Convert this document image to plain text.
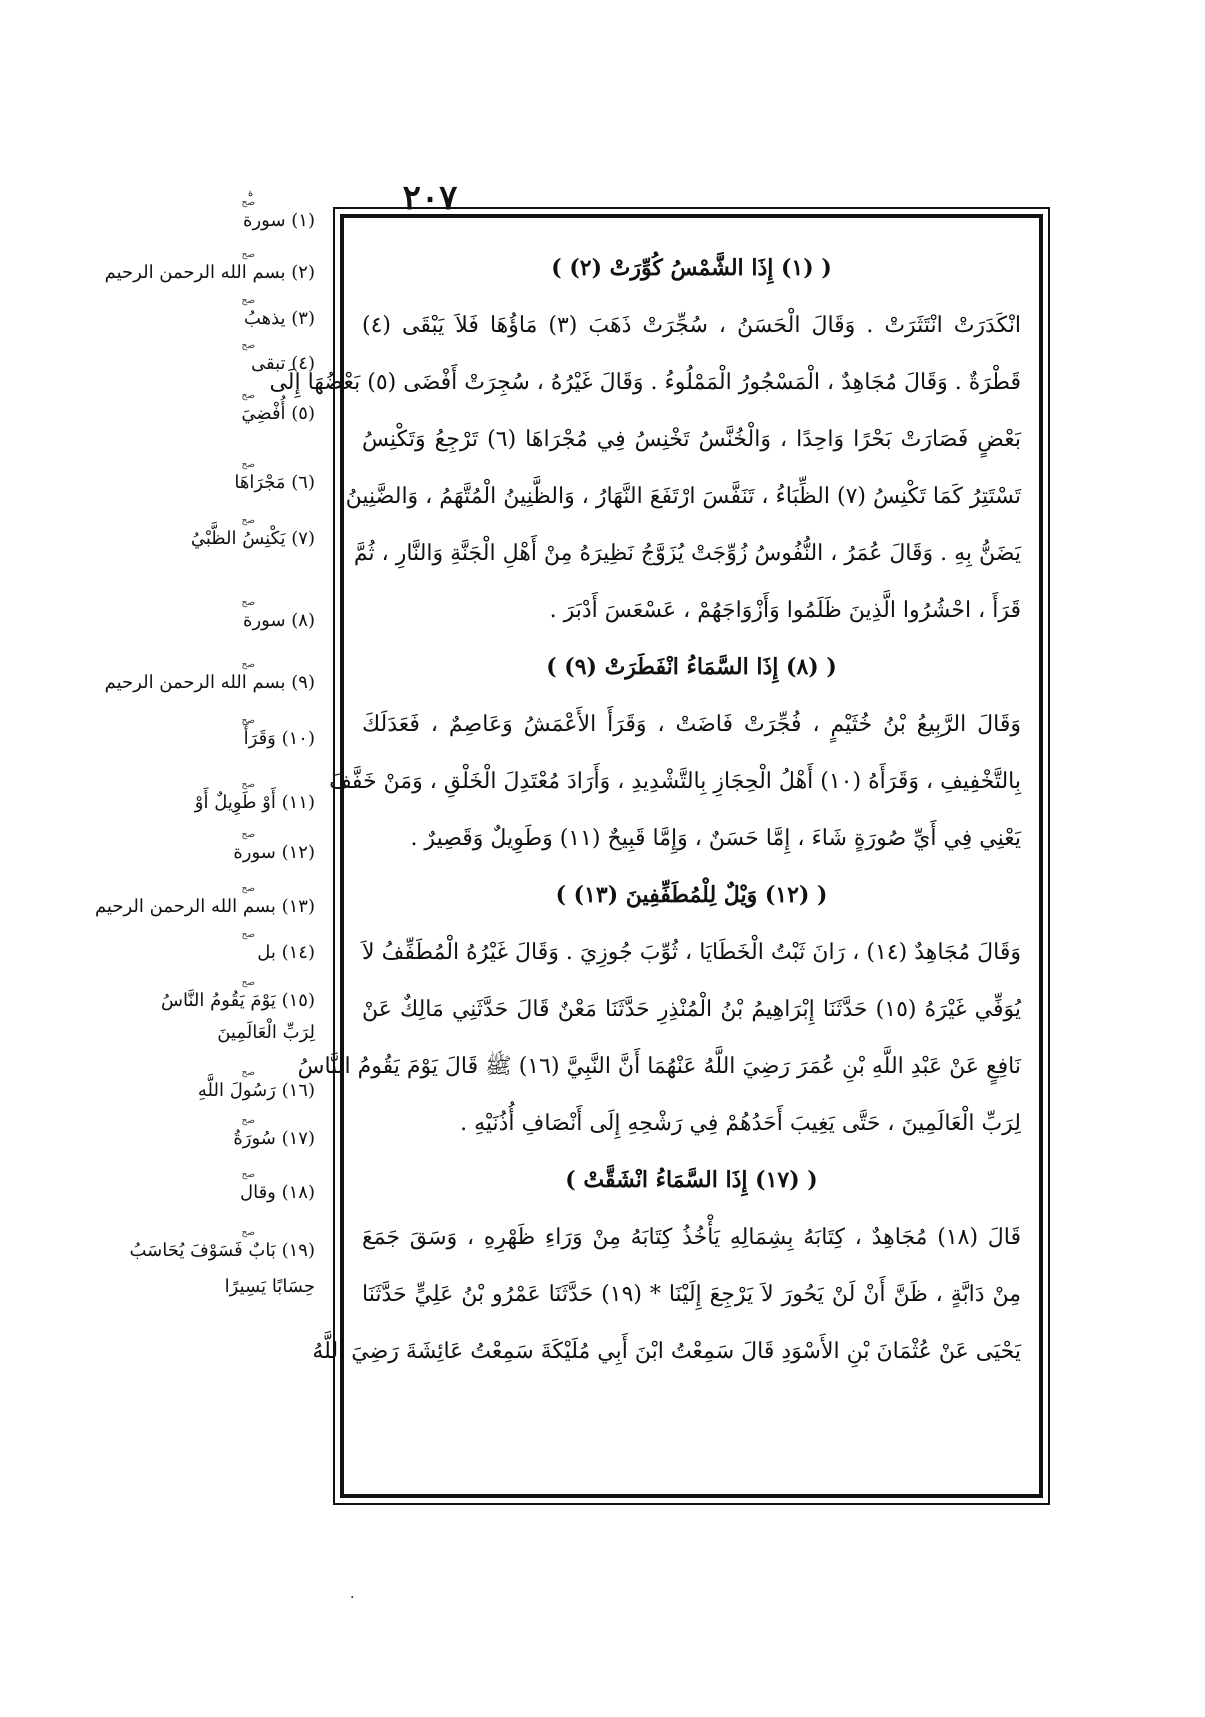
٢٠٧
ة
صح
(١) سورة
صح
(٢) بسم الله الرحمن الرحيم
صح
(٣) يذهبُ
صح
(٤) تبقى
صح
(٥) أُفْضِيَ
صح
(٦) مَجْرَاهَا
صح
(٧) يَكْنِسُ الظَّبْيُ
صح
(٨) سورة
صح
(٩) بسم الله الرحمن الرحيم
صح
(١٠) وَقَرَأَ
صح
(١١) أَوْ طَوِيلٌ أَوْ
صح
(١٢) سورة
صح
(١٣) بسم الله الرحمن الرحيم
صح
(١٤) بل
صح
(١٥) يَوْمَ يَقُومُ النَّاسُ
لِرَبِّ الْعَالَمِينَ
صح
(١٦) رَسُولَ اللَّهِ
صح
(١٧) سُورَةُ
صح
(١٨) وقال
صح
(١٩) بَابٌ فَسَوْفَ يُحَاسَبُ
حِسَابًا يَسِيرًا
( (١) إِذَا الشَّمْسُ كُوِّرَتْ (٢) )
انْكَدَرَتْ انْتَثَرَتْ . وَقَالَ الْحَسَنُ ، سُجِّرَتْ ذَهَبَ (٣) مَاؤُهَا فَلاَ يَبْقَى (٤)
قَطْرَةٌ . وَقَالَ مُجَاهِدٌ ، الْمَسْجُورُ الْمَمْلُوءُ . وَقَالَ غَيْرُهُ ، سُجِرَتْ أَفْضَى (٥) بَعْضُهَا إِلَى
بَعْضٍ فَصَارَتْ بَحْرًا وَاحِدًا ، وَالْخُنَّسُ تَخْنِسُ فِي مُجْرَاهَا (٦) تَرْجِعُ وَتَكْنِسُ
تَسْتَتِرُ كَمَا تَكْنِسُ (٧) الظِّبَاءُ ، تَنَفَّسَ ارْتَفَعَ النَّهَارُ ، وَالظَّنِينُ الْمُتَّهَمُ ، وَالضَّنِينُ
يَضَنُّ بِهِ . وَقَالَ عُمَرُ ، النُّفُوسُ زُوِّجَتْ يُزَوَّجُ نَظِيرَهُ مِنْ أَهْلِ الْجَنَّةِ وَالنَّارِ ، ثُمَّ
قَرَأَ ، احْشُرُوا الَّذِينَ ظَلَمُوا وَأَزْوَاجَهُمْ ، عَسْعَسَ أَدْبَرَ .
( (٨) إِذَا السَّمَاءُ انْفَطَرَتْ (٩) )
وَقَالَ الرَّبِيعُ بْنُ خُثَيْمٍ ، فُجِّرَتْ فَاضَتْ ، وَقَرَأَ الأَعْمَشُ وَعَاصِمٌ ، فَعَدَلَكَ
بِالتَّخْفِيفِ ، وَقَرَأَهُ (١٠) أَهْلُ الْحِجَازِ بِالتَّشْدِيدِ ، وَأَرَادَ مُعْتَدِلَ الْخَلْقِ ، وَمَنْ خَفَّفَ
يَعْنِي فِي أَيِّ صُورَةٍ شَاءَ ، إِمَّا حَسَنٌ ، وَإِمَّا قَبِيحٌ (١١) وَطَوِيلٌ وَقَصِيرٌ .
( (١٢) وَيْلٌ لِلْمُطَفِّفِينَ (١٣) )
وَقَالَ مُجَاهِدٌ (١٤) ، رَانَ ثَبْتُ الْخَطَايَا ، ثُوِّبَ جُوزِيَ . وَقَالَ غَيْرُهُ الْمُطَفِّفُ لاَ
يُوَفِّي غَيْرَهُ (١٥) حَدَّثَنَا إِبْرَاهِيمُ بْنُ الْمُنْذِرِ حَدَّثَنَا مَعْنٌ قَالَ حَدَّثَنِي مَالِكٌ عَنْ
نَافِعٍ عَنْ عَبْدِ اللَّهِ بْنِ عُمَرَ رَضِيَ اللَّهُ عَنْهُمَا أَنَّ النَّبِيَّ (١٦) ﷺ قَالَ يَوْمَ يَقُومُ النَّاسُ
لِرَبِّ الْعَالَمِينَ ، حَتَّى يَغِيبَ أَحَدُهُمْ فِي رَشْحِهِ إِلَى أَنْصَافِ أُذُنَيْهِ .
( (١٧) إِذَا السَّمَاءُ انْشَقَّتْ )
قَالَ (١٨) مُجَاهِدٌ ، كِتَابَهُ بِشِمَالِهِ يَأْخُذُ كِتَابَهُ مِنْ وَرَاءِ ظَهْرِهِ ، وَسَقَ جَمَعَ
مِنْ دَابَّةٍ ، ظَنَّ أَنْ لَنْ يَحُورَ لاَ يَرْجِعَ إِلَيْنَا * (١٩) حَدَّثَنَا عَمْرُو بْنُ عَلِيٍّ حَدَّثَنَا
يَحْيَى عَنْ عُثْمَانَ بْنِ الأَسْوَدِ قَالَ سَمِعْتُ ابْنَ أَبِي مُلَيْكَةَ سَمِعْتُ عَائِشَةَ رَضِيَ اللَّهُ
·
